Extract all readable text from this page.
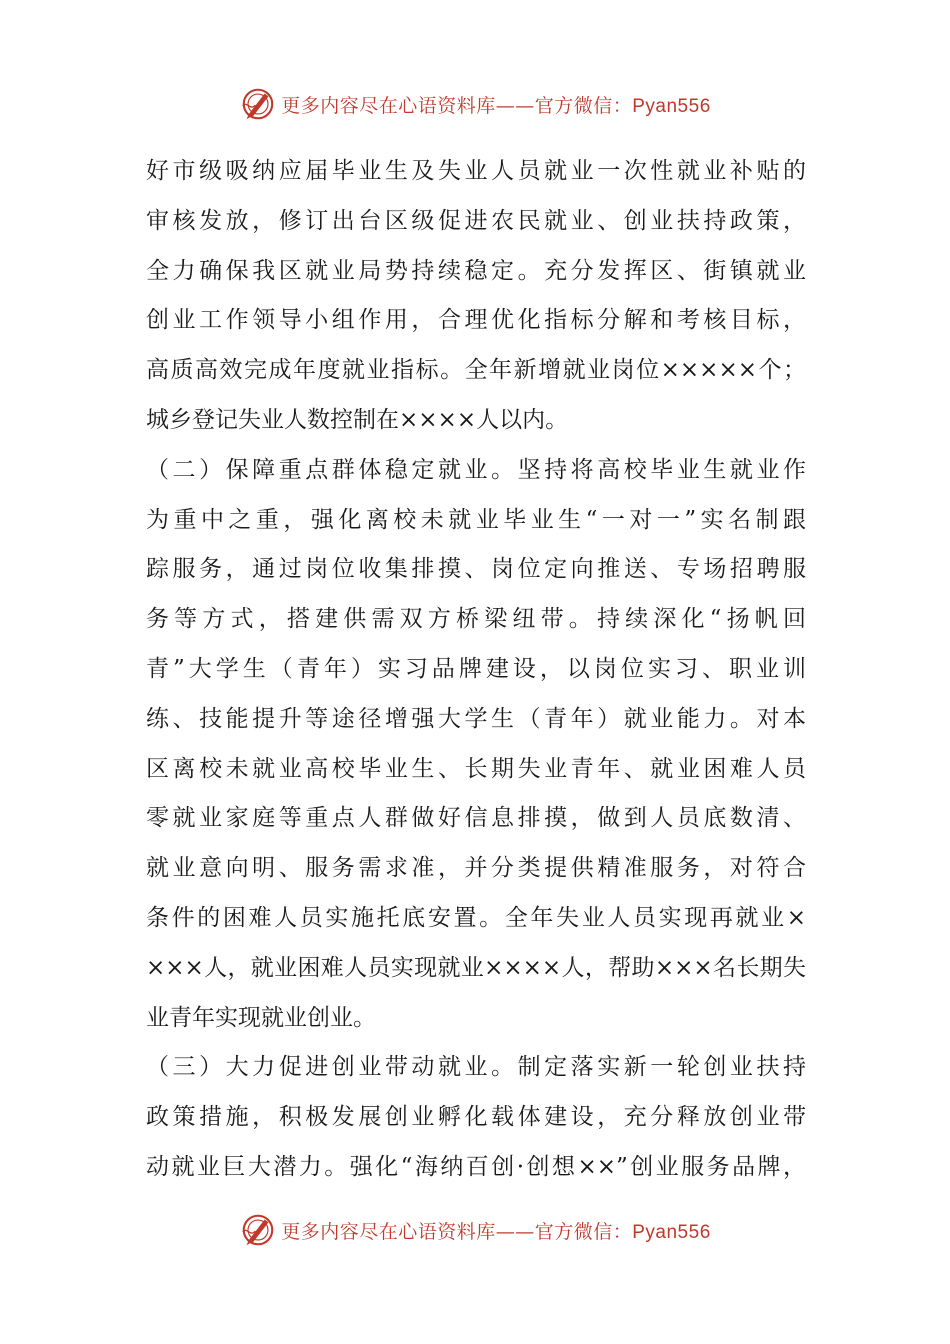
更多内容尽在心语资料库——官方微信：Pyan556
好市级吸纳应届毕业生及失业人员就业一次性就业补贴的
审核发放，修订出台区级促进农民就业、创业扶持政策，
全力确保我区就业局势持续稳定。充分发挥区、街镇就业
创业工作领导小组作用，合理优化指标分解和考核目标，
高质高效完成年度就业指标。全年新增就业岗位×××××个；
城乡登记失业人数控制在××××人以内。
（二）保障重点群体稳定就业。坚持将高校毕业生就业作
为重中之重，强化离校未就业毕业生“一对一”实名制跟
踪服务，通过岗位收集排摸、岗位定向推送、专场招聘服
务等方式，搭建供需双方桥梁纽带。持续深化“扬帆回
青”大学生（青年）实习品牌建设，以岗位实习、职业训
练、技能提升等途径增强大学生（青年）就业能力。对本
区离校未就业高校毕业生、长期失业青年、就业困难人员
零就业家庭等重点人群做好信息排摸，做到人员底数清、
就业意向明、服务需求准，并分类提供精准服务，对符合
条件的困难人员实施托底安置。全年失业人员实现再就业×
×××人，就业困难人员实现就业××××人，帮助×××名长期失
业青年实现就业创业。
（三）大力促进创业带动就业。制定落实新一轮创业扶持
政策措施，积极发展创业孵化载体建设，充分释放创业带
动就业巨大潜力。强化“海纳百创·创想××”创业服务品牌，
更多内容尽在心语资料库——官方微信：Pyan556
